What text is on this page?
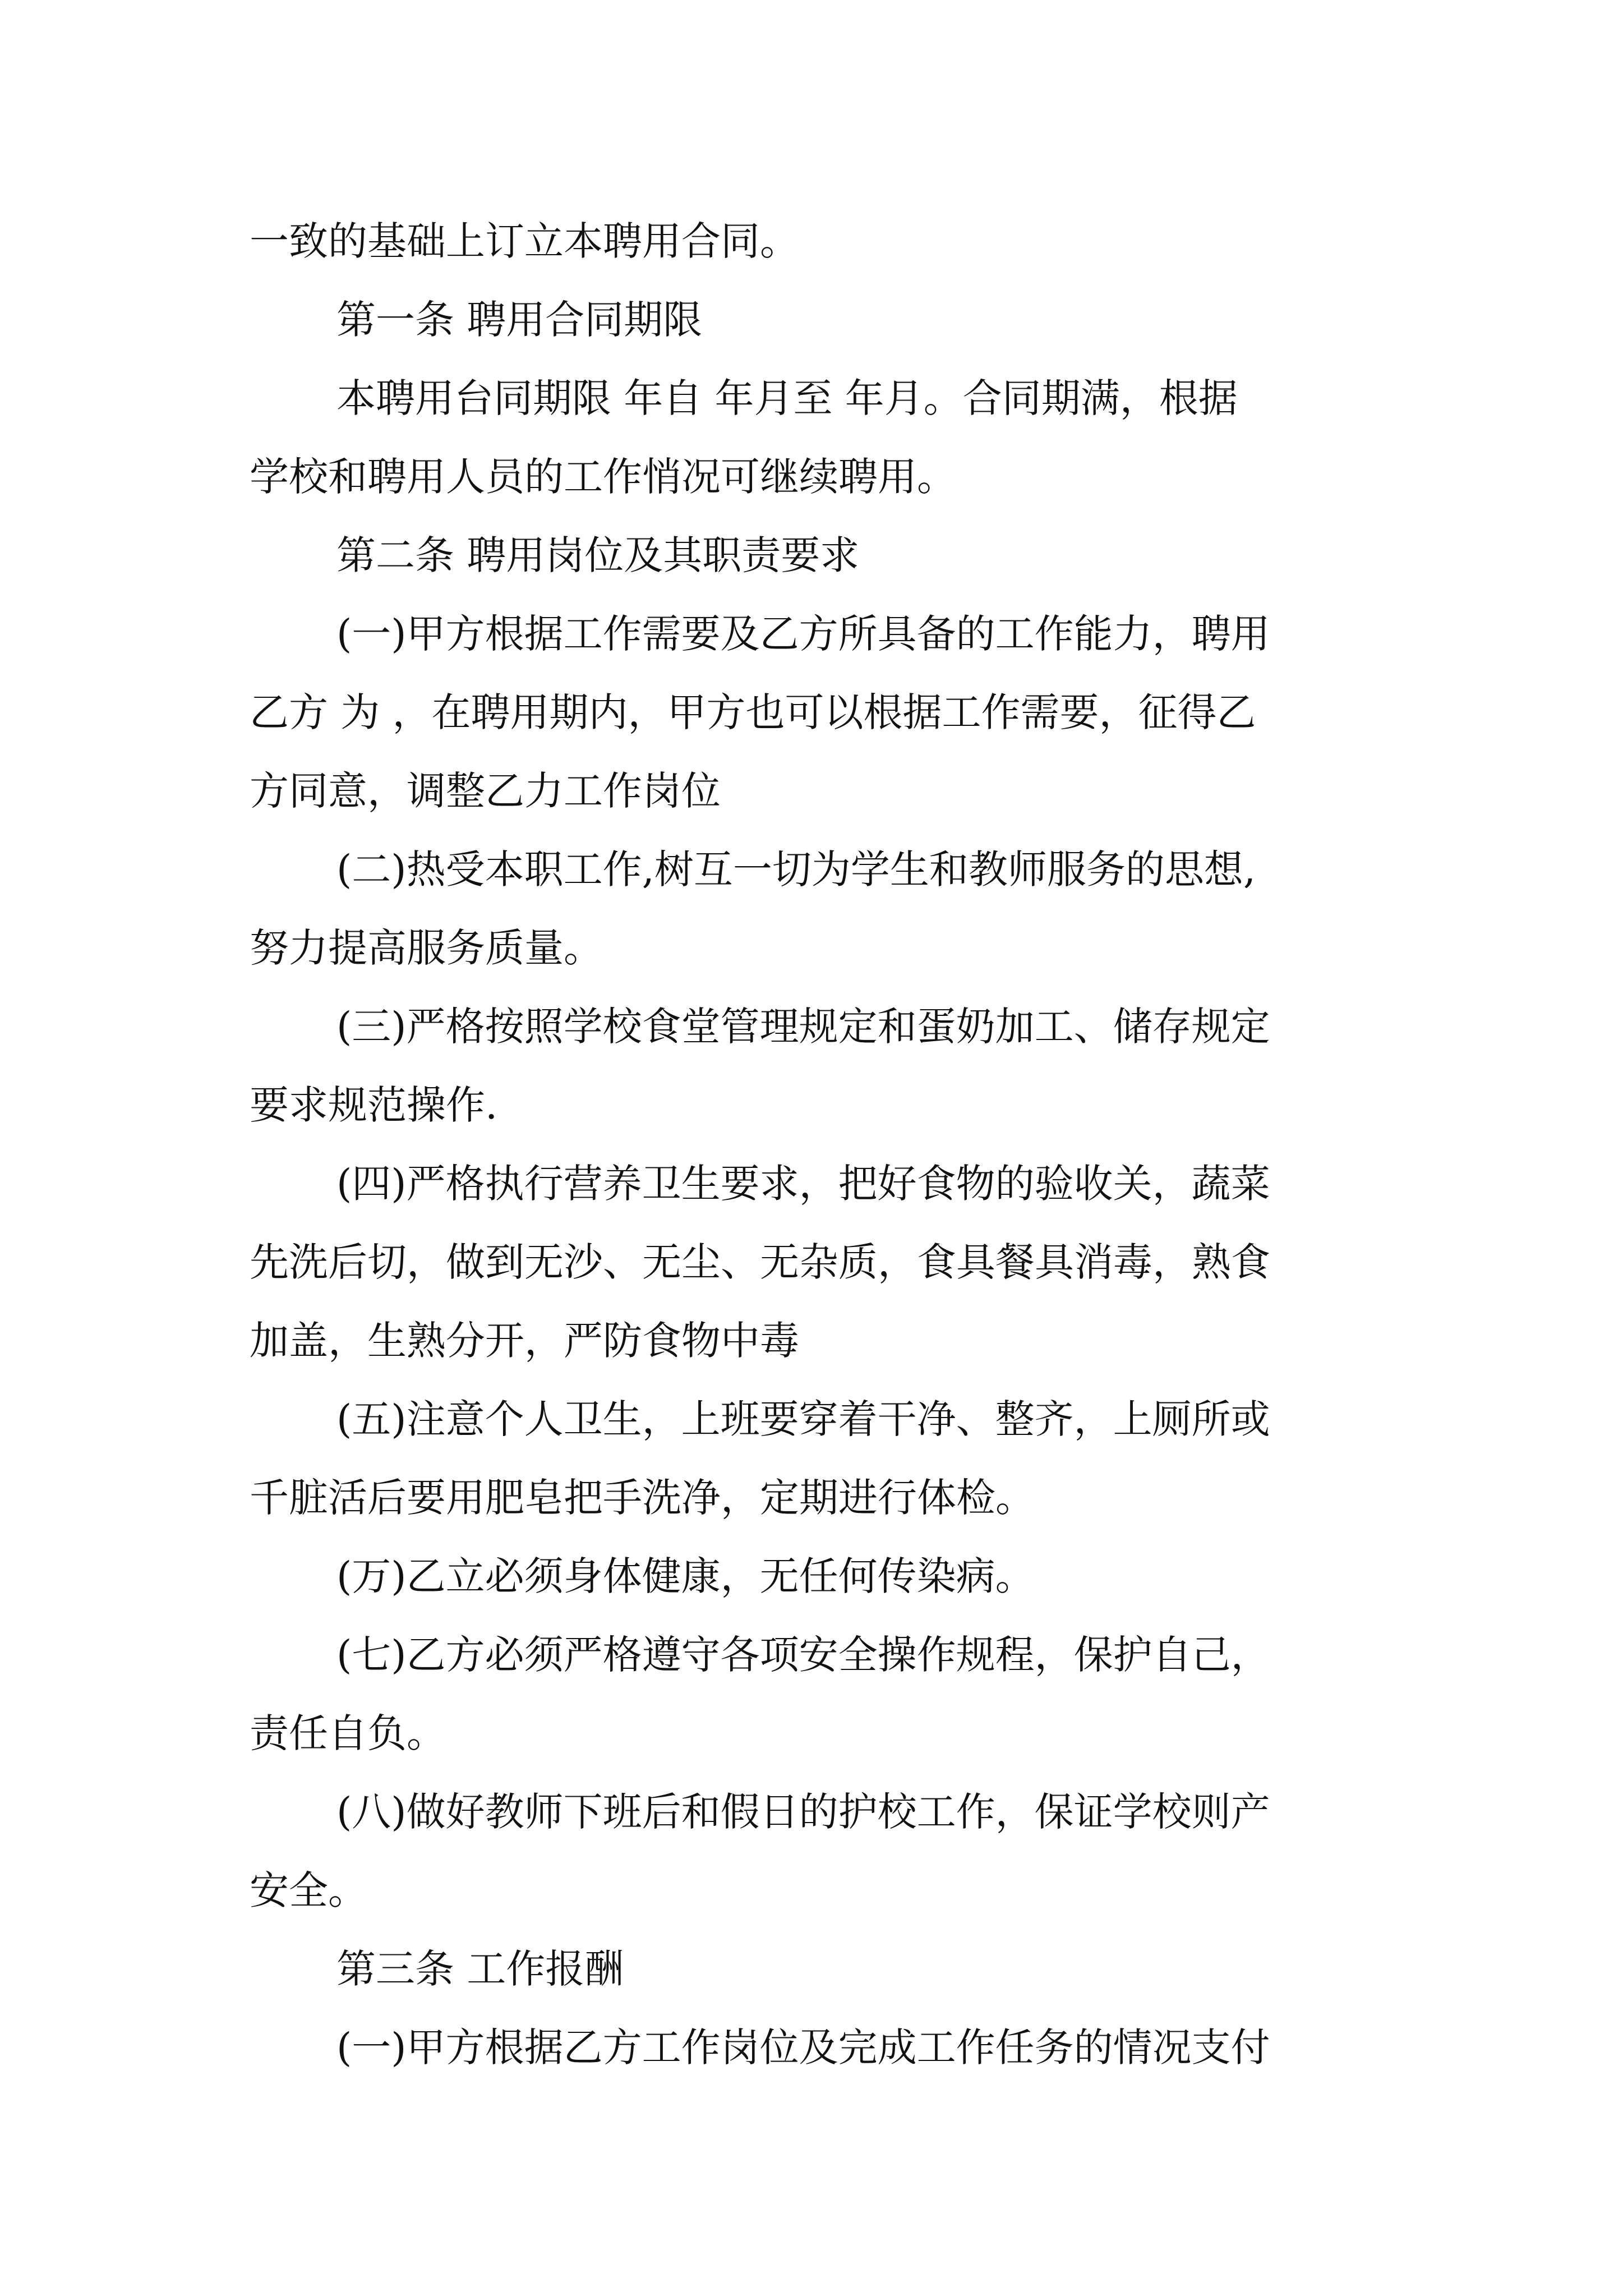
一致的基础上订立本聘用合同。

第一条 聘用合同期限

本聘用台同期限 年自 年月至 年月。合同期满，根据

学校和聘用人员的工作悄况可继续聘用。

第二条 聘用岗位及其职责要求

(一)甲方根据工作需要及乙方所具备的工作能力，聘用

乙方 为 ，在聘用期内，甲方也可以根据工作需要，征得乙

方同意，调整乙力工作岗位

(二)热受本职工作,树互一切为学生和教师服务的思想,

努力提高服务质量。

(三)严格按照学校食堂管理规定和蛋奶加工、储存规定

要求规范操作.

(四)严格执行营养卫生要求，把好食物的验收关，蔬菜

先洗后切，做到无沙、无尘、无杂质，食具餐具消毒，熟食

加盖，生熟分开，严防食物中毒

(五)注意个人卫生，上班要穿着干净、整齐，上厕所或

千脏活后要用肥皂把手洗净，定期进行体检。

(万)乙立必须身体健康，无任何传染病。

(七)乙方必须严格遵守各项安全操作规程，保护自己，

责任自负。

(八)做好教师下班后和假日的护校工作，保证学校则产

安全。

第三条 工作报酬

(一)甲方根据乙方工作岗位及完成工作任务的情况支付
